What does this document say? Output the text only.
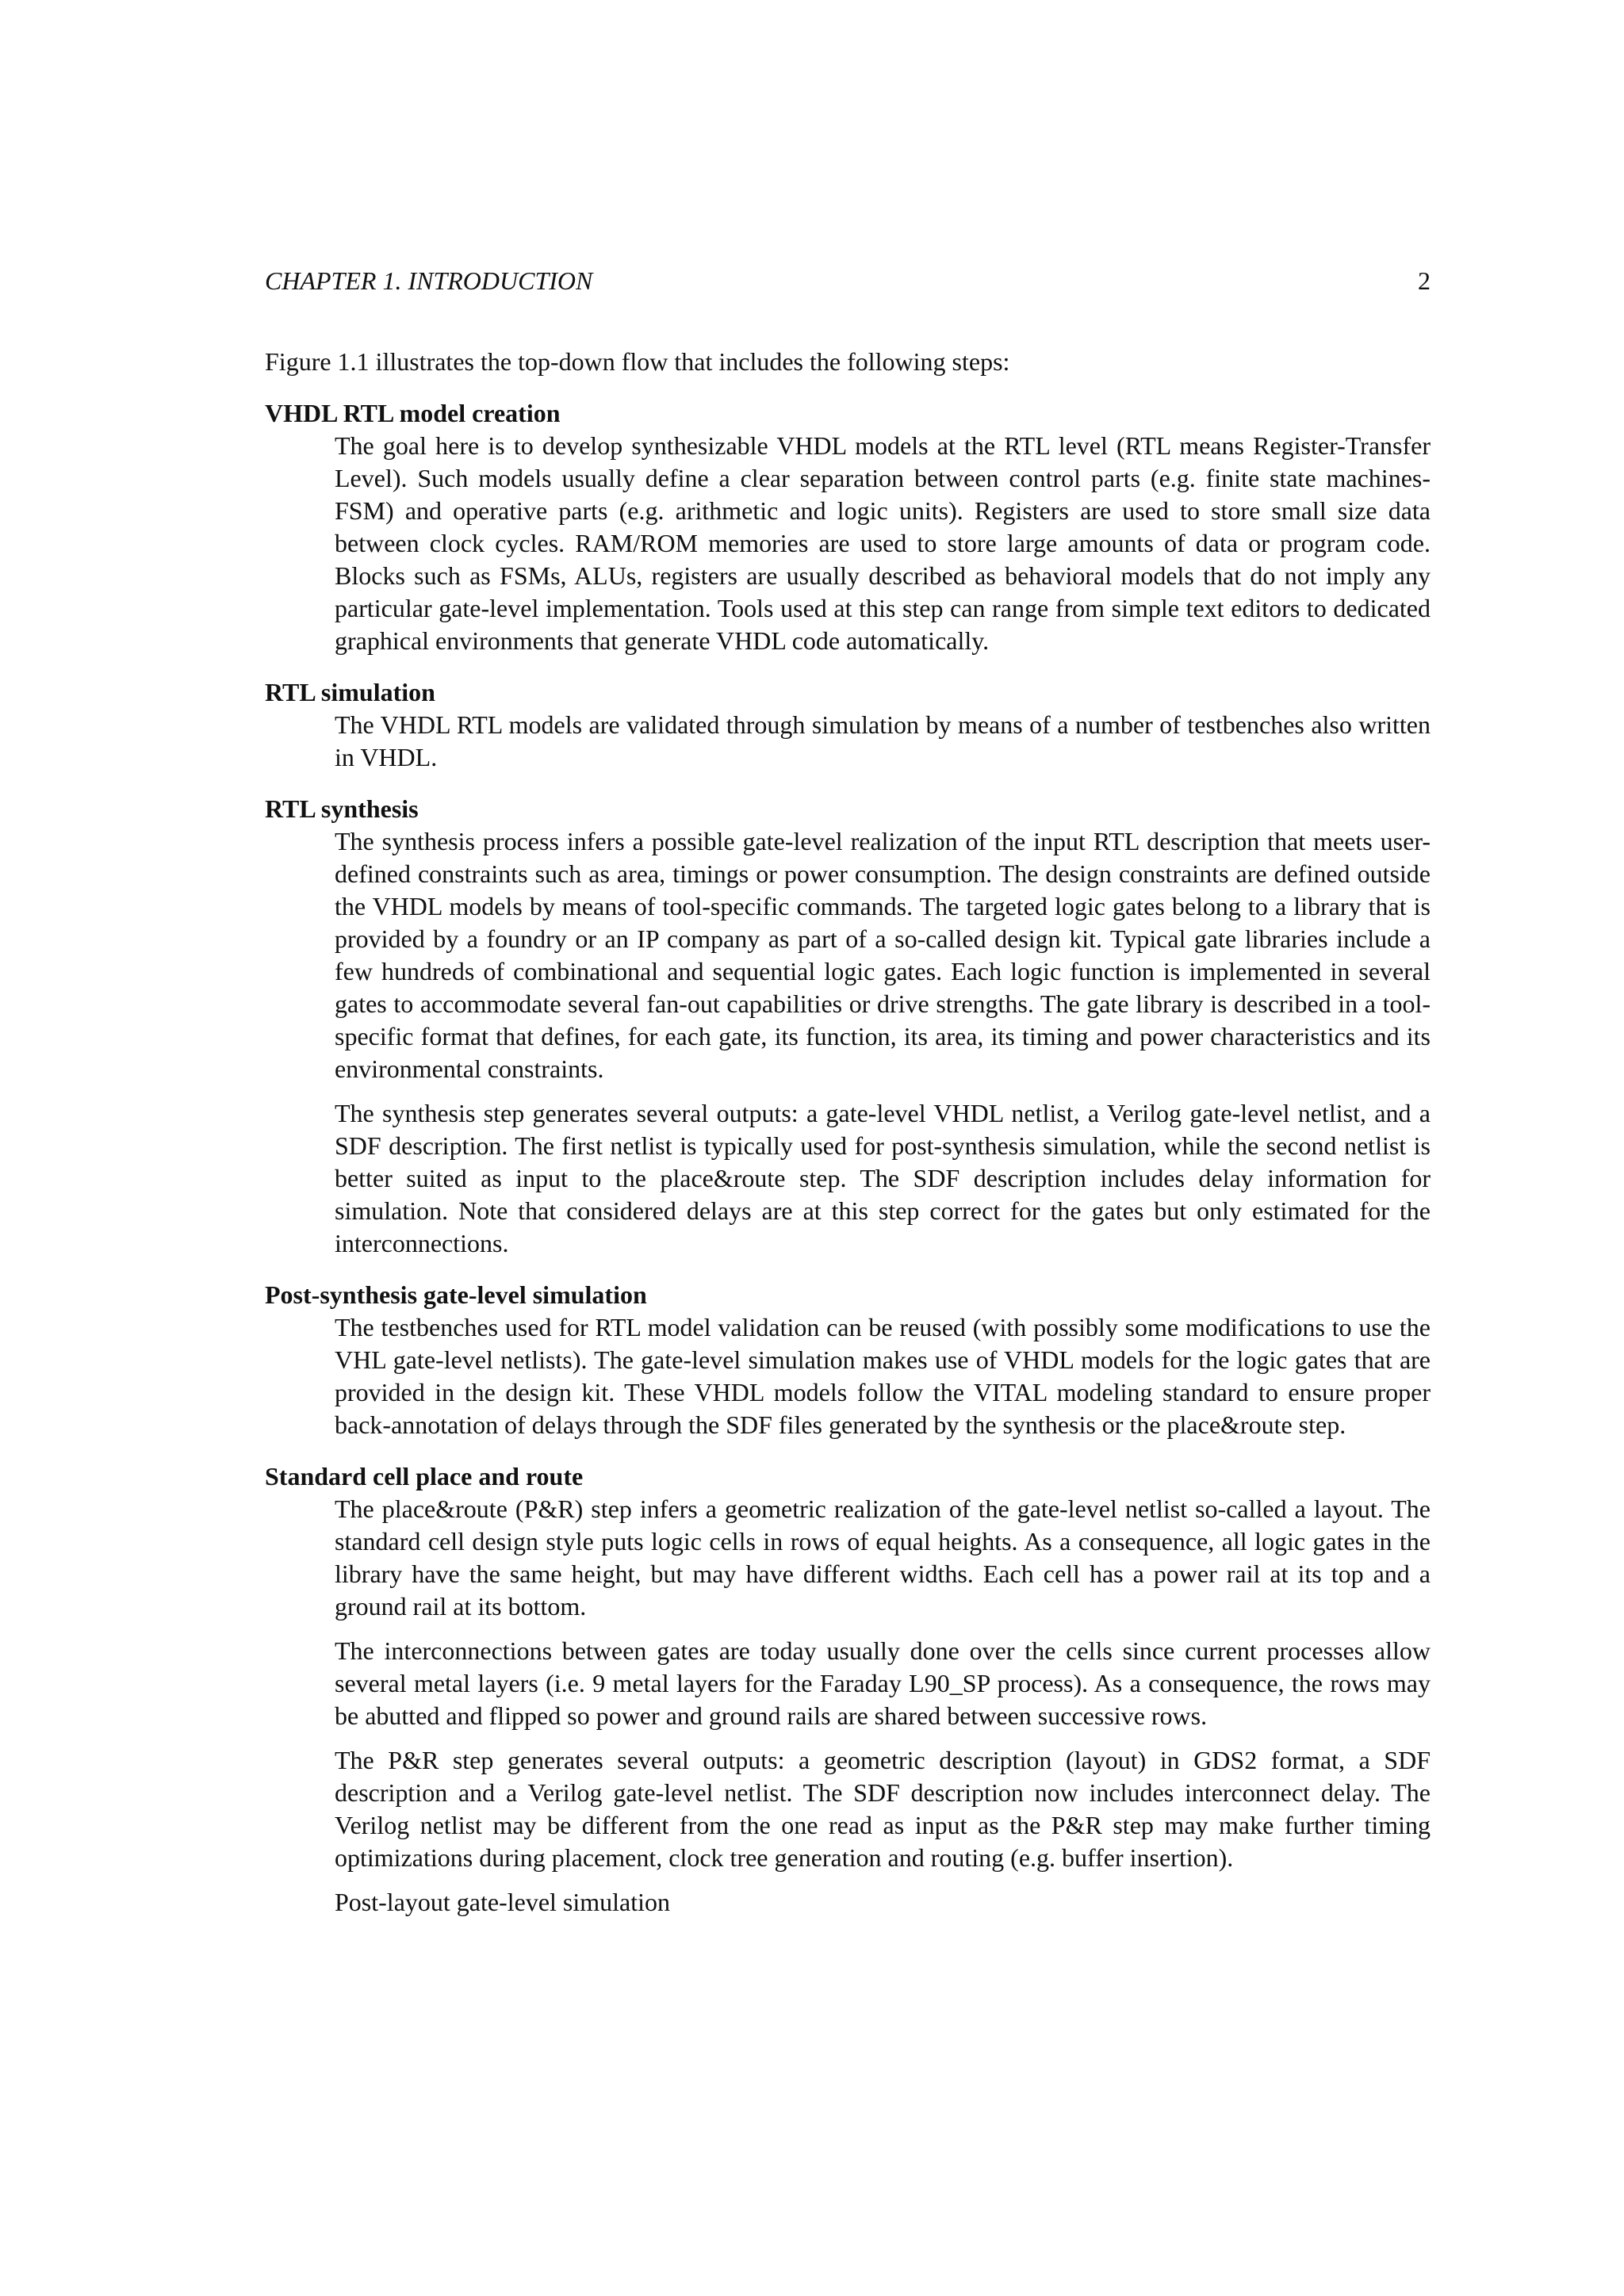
CHAPTER 1. INTRODUCTION	2
Figure 1.1 illustrates the top-down flow that includes the following steps:
VHDL RTL model creation

The goal here is to develop synthesizable VHDL models at the RTL level (RTL means Register-Transfer Level). Such models usually define a clear separation between control parts (e.g. finite state machines-FSM) and operative parts (e.g. arithmetic and logic units). Registers are used to store small size data between clock cycles. RAM/ROM memories are used to store large amounts of data or program code. Blocks such as FSMs, ALUs, registers are usually described as behavioral models that do not imply any particular gate-level implementation. Tools used at this step can range from simple text editors to dedicated graphical environments that generate VHDL code automatically.

RTL simulation

The VHDL RTL models are validated through simulation by means of a number of testbenches also written in VHDL.

RTL synthesis

The synthesis process infers a possible gate-level realization of the input RTL description that meets user-defined constraints such as area, timings or power consumption. The design constraints are defined outside the VHDL models by means of tool-specific commands. The targeted logic gates belong to a library that is provided by a foundry or an IP company as part of a so-called design kit. Typical gate libraries include a few hundreds of combinational and sequential logic gates. Each logic function is implemented in several gates to accommodate several fan-out capabilities or drive strengths. The gate library is described in a tool-specific format that defines, for each gate, its function, its area, its timing and power characteristics and its environmental constraints.

The synthesis step generates several outputs: a gate-level VHDL netlist, a Verilog gate-level netlist, and a SDF description. The first netlist is typically used for post-synthesis simulation, while the second netlist is better suited as input to the place&route step. The SDF description includes delay information for simulation. Note that considered delays are at this step correct for the gates but only estimated for the interconnections.

Post-synthesis gate-level simulation

The testbenches used for RTL model validation can be reused (with possibly some modifications to use the VHL gate-level netlists). The gate-level simulation makes use of VHDL models for the logic gates that are provided in the design kit. These VHDL models follow the VITAL modeling standard to ensure proper back-annotation of delays through the SDF files generated by the synthesis or the place&route step.

Standard cell place and route

The place&route (P&R) step infers a geometric realization of the gate-level netlist so-called a layout. The standard cell design style puts logic cells in rows of equal heights. As a consequence, all logic gates in the library have the same height, but may have different widths. Each cell has a power rail at its top and a ground rail at its bottom.

The interconnections between gates are today usually done over the cells since current processes allow several metal layers (i.e. 9 metal layers for the Faraday L90_SP process). As a consequence, the rows may be abutted and flipped so power and ground rails are shared between successive rows.

The P&R step generates several outputs: a geometric description (layout) in GDS2 format, a SDF description and a Verilog gate-level netlist. The SDF description now includes interconnect delay. The Verilog netlist may be different from the one read as input as the P&R step may make further timing optimizations during placement, clock tree generation and routing (e.g. buffer insertion).

Post-layout gate-level simulation
